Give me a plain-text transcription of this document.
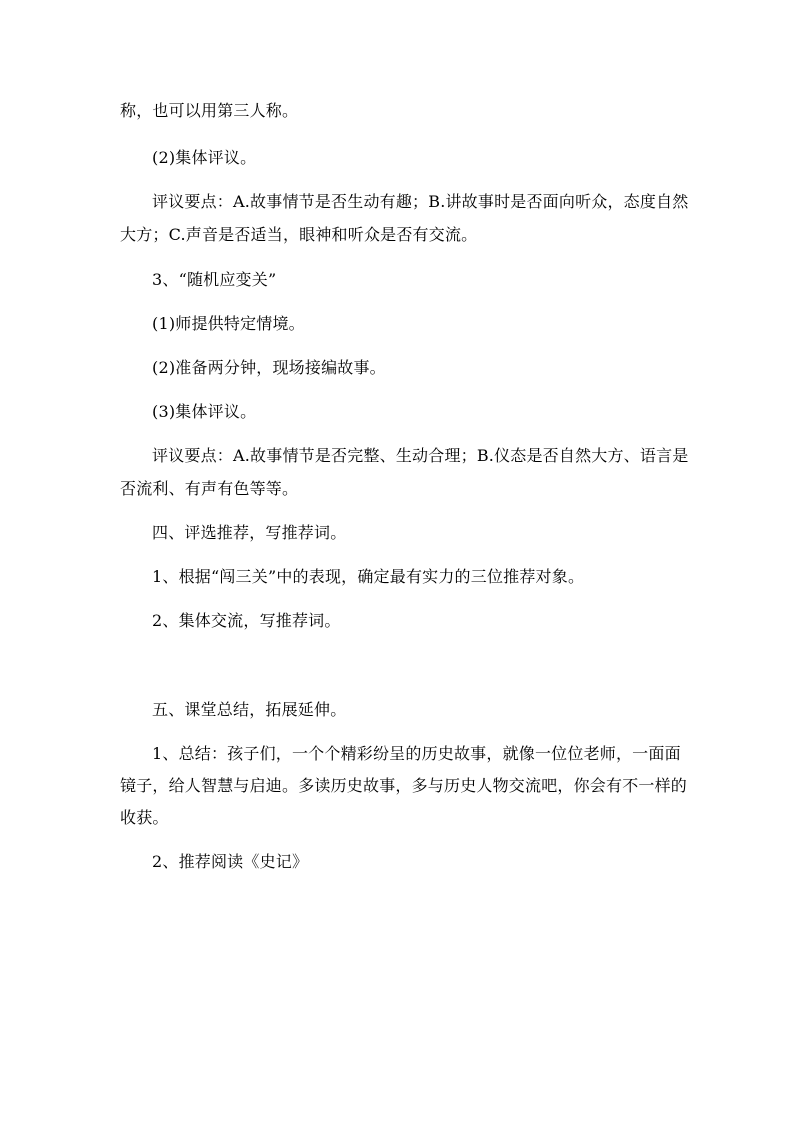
称，也可以用第三人称。
(2)集体评议。
评议要点：A.故事情节是否生动有趣；B.讲故事时是否面向听众，态度自然
大方；C.声音是否适当，眼神和听众是否有交流。
3、“随机应变关”
(1)师提供特定情境。
(2)准备两分钟，现场接编故事。
(3)集体评议。
评议要点：A.故事情节是否完整、生动合理；B.仪态是否自然大方、语言是
否流利、有声有色等等。
四、评选推荐，写推荐词。
1、根据“闯三关”中的表现，确定最有实力的三位推荐对象。
2、集体交流，写推荐词。
五、课堂总结，拓展延伸。
1、总结：孩子们，一个个精彩纷呈的历史故事，就像一位位老师，一面面
镜子，给人智慧与启迪。多读历史故事，多与历史人物交流吧，你会有不一样的
收获。
2、推荐阅读《史记》
